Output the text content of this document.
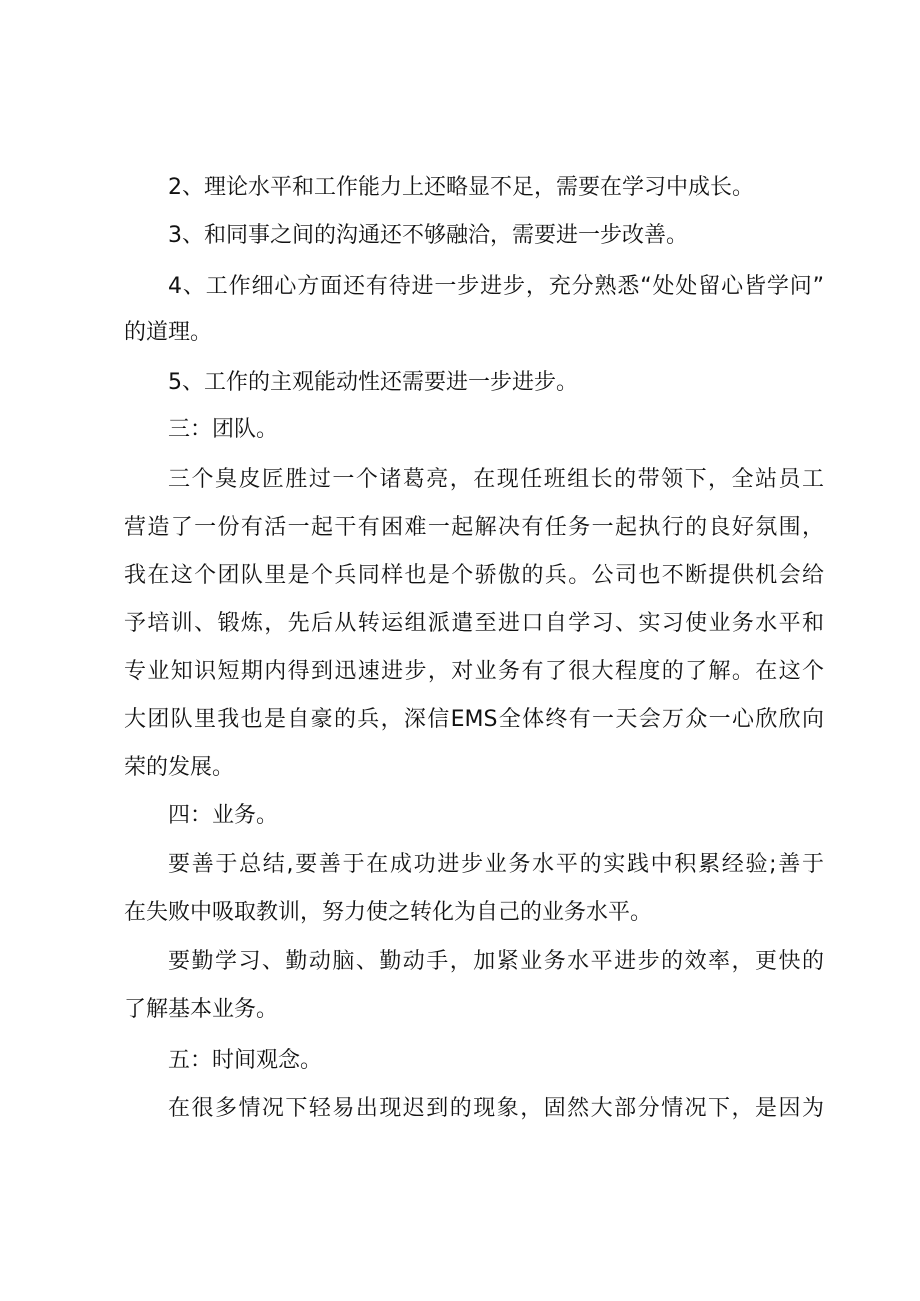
2、理论水平和工作能力上还略显不足，需要在学习中成长。

3、和同事之间的沟通还不够融洽，需要进一步改善。

4、工作细心方面还有待进一步进步，充分熟悉“处处留心皆学问”

的道理。

5、工作的主观能动性还需要进一步进步。

三：团队。

三个臭皮匠胜过一个诸葛亮，在现任班组长的带领下，全站员工

营造了一份有活一起干有困难一起解决有任务一起执行的良好氛围，

我在这个团队里是个兵同样也是个骄傲的兵。公司也不断提供机会给

予培训、锻炼，先后从转运组派遣至进口自学习、实习使业务水平和

专业知识短期内得到迅速进步，对业务有了很大程度的了解。在这个

大团队里我也是自豪的兵，深信EMS全体终有一天会万众一心欣欣向

荣的发展。

四：业务。

要善于总结,要善于在成功进步业务水平的实践中积累经验;善于

在失败中吸取教训，努力使之转化为自己的业务水平。

要勤学习、勤动脑、勤动手，加紧业务水平进步的效率，更快的

了解基本业务。

五：时间观念。

在很多情况下轻易出现迟到的现象，固然大部分情况下，是因为
